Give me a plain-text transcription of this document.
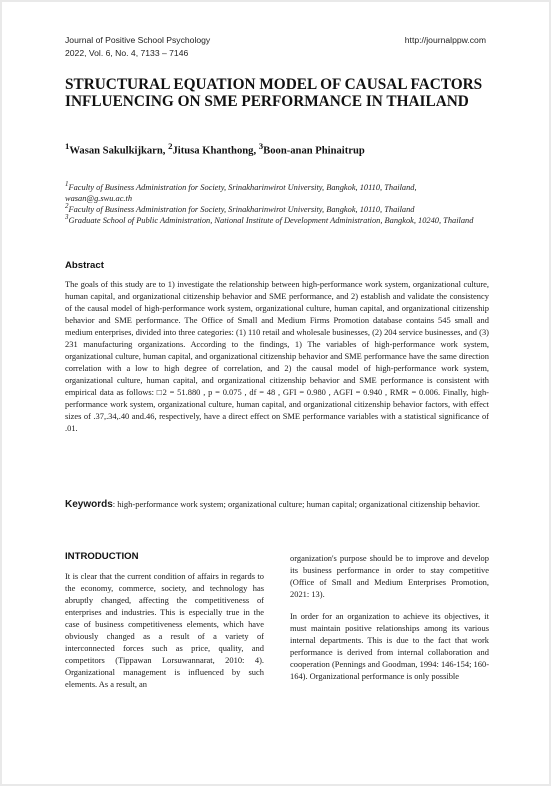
Journal of Positive School Psychology
2022, Vol. 6, No. 4, 7133 – 7146
http://journalppw.com
STRUCTURAL EQUATION MODEL OF CAUSAL FACTORS
INFLUENCING ON SME PERFORMANCE IN THAILAND
$^1$Wasan Sakulkijkarn, $^2$Jitusa Khanthong, $^3$Boon-anan Phinaitrup
$^1$Faculty of Business Administration for Society, Srinakharinwirot University, Bangkok, 10110, Thailand,
wasan@g.swu.ac.th
$^2$Faculty of Business Administration for Society, Srinakharinwirot University, Bangkok, 10110, Thailand
$^3$Graduate School of Public Administration, National Institute of Development Administration, Bangkok, 10240, Thailand
Abstract

The goals of this study are to 1) investigate the relationship between high-performance work system, organizational culture, human capital, and organizational citizenship behavior and SME performance, and 2) establish and validate the consistency of the causal model of high-performance work system, organizational culture, human capital, and organizational citizenship behavior and SME performance. The Office of Small and Medium Firms Promotion database contains 545 small and medium enterprises, divided into three categories: (1) 110 retail and wholesale businesses, (2) 204 service businesses, and (3) 231 manufacturing organizations. According to the findings, 1) The variables of high-performance work system, organizational culture, human capital, and organizational citizenship behavior and SME performance have the same direction correlation with a low to high degree of correlation, and 2) the causal model of high-performance work system, organizational culture, human capital, and organizational citizenship behavior and SME performance is consistent with empirical data as follows: □2 = 51.880 , p = 0.075 , df = 48 , GFI = 0.980 , AGFI = 0.940 , RMR = 0.006. Finally, high-performance work system, organizational culture, human capital, and organizational citizenship behavior factors, with effect sizes of .37,.34,.40 and.46, respectively, have a direct effect on SME performance variables with a statistical significance of .01.

Keywords: high-performance work system; organizational culture; human capital; organizational citizenship behavior.
INTRODUCTION

It is clear that the current condition of affairs in regards to the economy, commerce, society, and technology has abruptly changed, affecting the competitiveness of enterprises and industries. This is especially true in the case of business competitiveness elements, which have obviously changed as a result of a variety of interconnected forces such as price, quality, and competitors (Tippawan Lorsuwannarat, 2010: 4). Organizational management is influenced by such elements. As a result, an

organization's purpose should be to improve and develop its business performance in order to stay competitive (Office of Small and Medium Enterprises Promotion, 2021: 13).

In order for an organization to achieve its objectives, it must maintain positive relationships among its various internal departments. This is due to the fact that work performance is derived from internal collaboration and cooperation (Pennings and Goodman, 1994: 146-154; 160-164). Organizational performance is only possible
